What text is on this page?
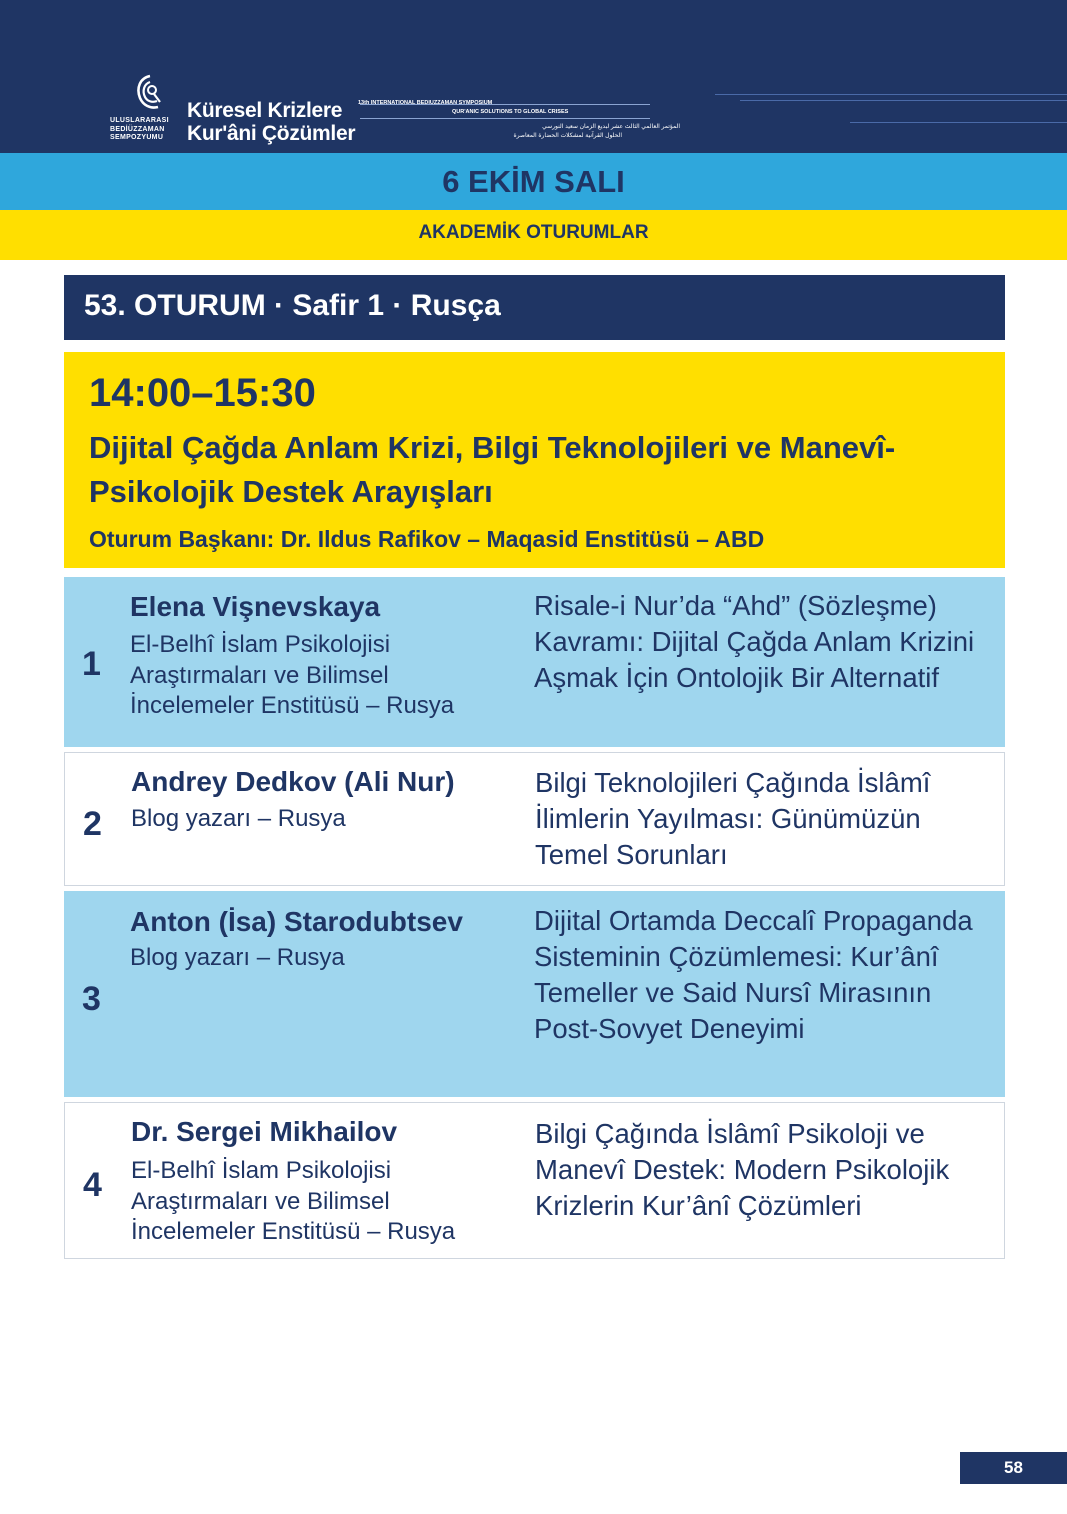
ULUSLARARASI
BEDİÜZZAMAN
SEMPOZYUMU
Küresel Krizlere
Kur'âni Çözümler
13th INTERNATIONAL BEDIUZZAMAN SYMPOSIUM
QUR'ANIC SOLUTIONS TO GLOBAL CRISES
المؤتمر العالمي الثالث عشر لبديع الزمان سعيد النورسي
الحلول القرآنية لمشكلات الحضارة المعاصرة
6 EKİM SALI
AKADEMİK OTURUMLAR
53. OTURUM · Safir 1 · Rusça
14:00–15:30
Dijital Çağda Anlam Krizi, Bilgi Teknolojileri ve Manevî-Psikolojik Destek Arayışları
Oturum Başkanı: Dr. Ildus Rafikov – Maqasid Enstitüsü – ABD
1
Elena Vişnevskaya
El-Belhî İslam Psikolojisi Araştırmaları ve Bilimsel İncelemeler Enstitüsü – Rusya
Risale-i Nur’da “Ahd” (Sözleşme) Kavramı: Dijital Çağda Anlam Krizini Aşmak İçin Ontolojik Bir Alternatif
2
Andrey Dedkov (Ali Nur)
Blog yazarı – Rusya
Bilgi Teknolojileri Çağında İslâmî İlimlerin Yayılması: Günümüzün Temel Sorunları
3
Anton (İsa) Starodubtsev
Blog yazarı – Rusya
Dijital Ortamda Deccalî Propaganda Sisteminin Çözümlemesi: Kur’ânî Temeller ve Said Nursî Mirasının Post-Sovyet Deneyimi
4
Dr. Sergei Mikhailov
El-Belhî İslam Psikolojisi Araştırmaları ve Bilimsel İncelemeler Enstitüsü – Rusya
Bilgi Çağında İslâmî Psikoloji ve Manevî Destek: Modern Psikolojik Krizlerin Kur’ânî Çözümleri
58
